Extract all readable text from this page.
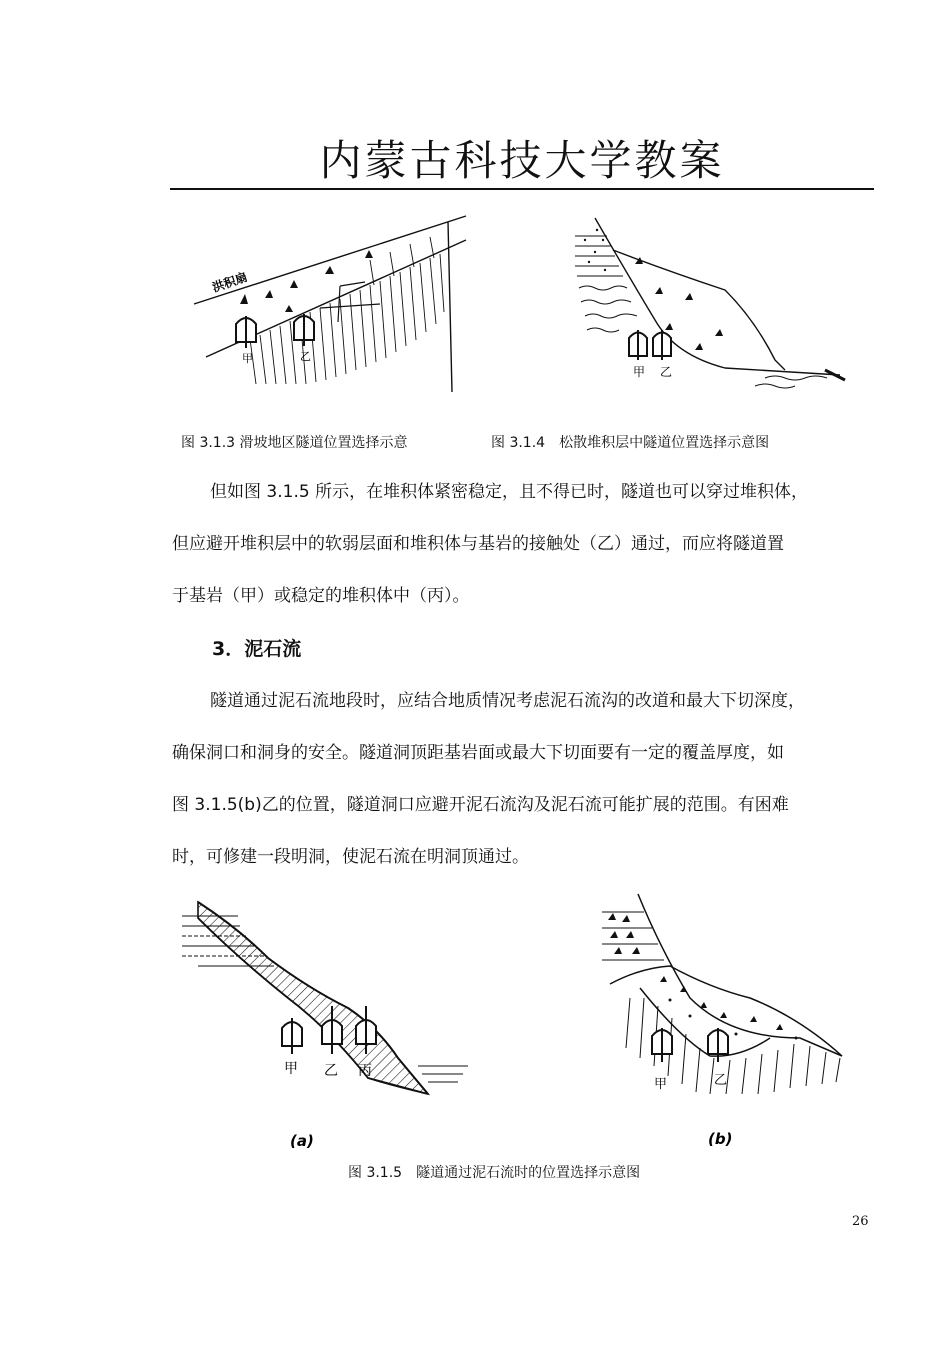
内蒙古科技大学教案
洪积扇
甲	乙
甲 乙
图 3.1.3 滑坡地区隧道位置选择示意	图 3.1.4　松散堆积层中隧道位置选择示意图
但如图 3.1.5 所示，在堆积体紧密稳定，且不得已时，隧道也可以穿过堆积体，
但应避开堆积层中的软弱层面和堆积体与基岩的接触处（乙）通过，而应将隧道置
于基岩（甲）或稳定的堆积体中（丙）。
3．泥石流
隧道通过泥石流地段时，应结合地质情况考虑泥石流沟的改道和最大下切深度，
确保洞口和洞身的安全。隧道洞顶距基岩面或最大下切面要有一定的覆盖厚度，如
图 3.1.5(b)乙的位置，隧道洞口应避开泥石流沟及泥石流可能扩展的范围。有困难
时，可修建一段明洞，使泥石流在明洞顶通过。
甲 乙 丙
(a)
甲	乙
(b)
图 3.1.5　隧道通过泥石流时的位置选择示意图
26
